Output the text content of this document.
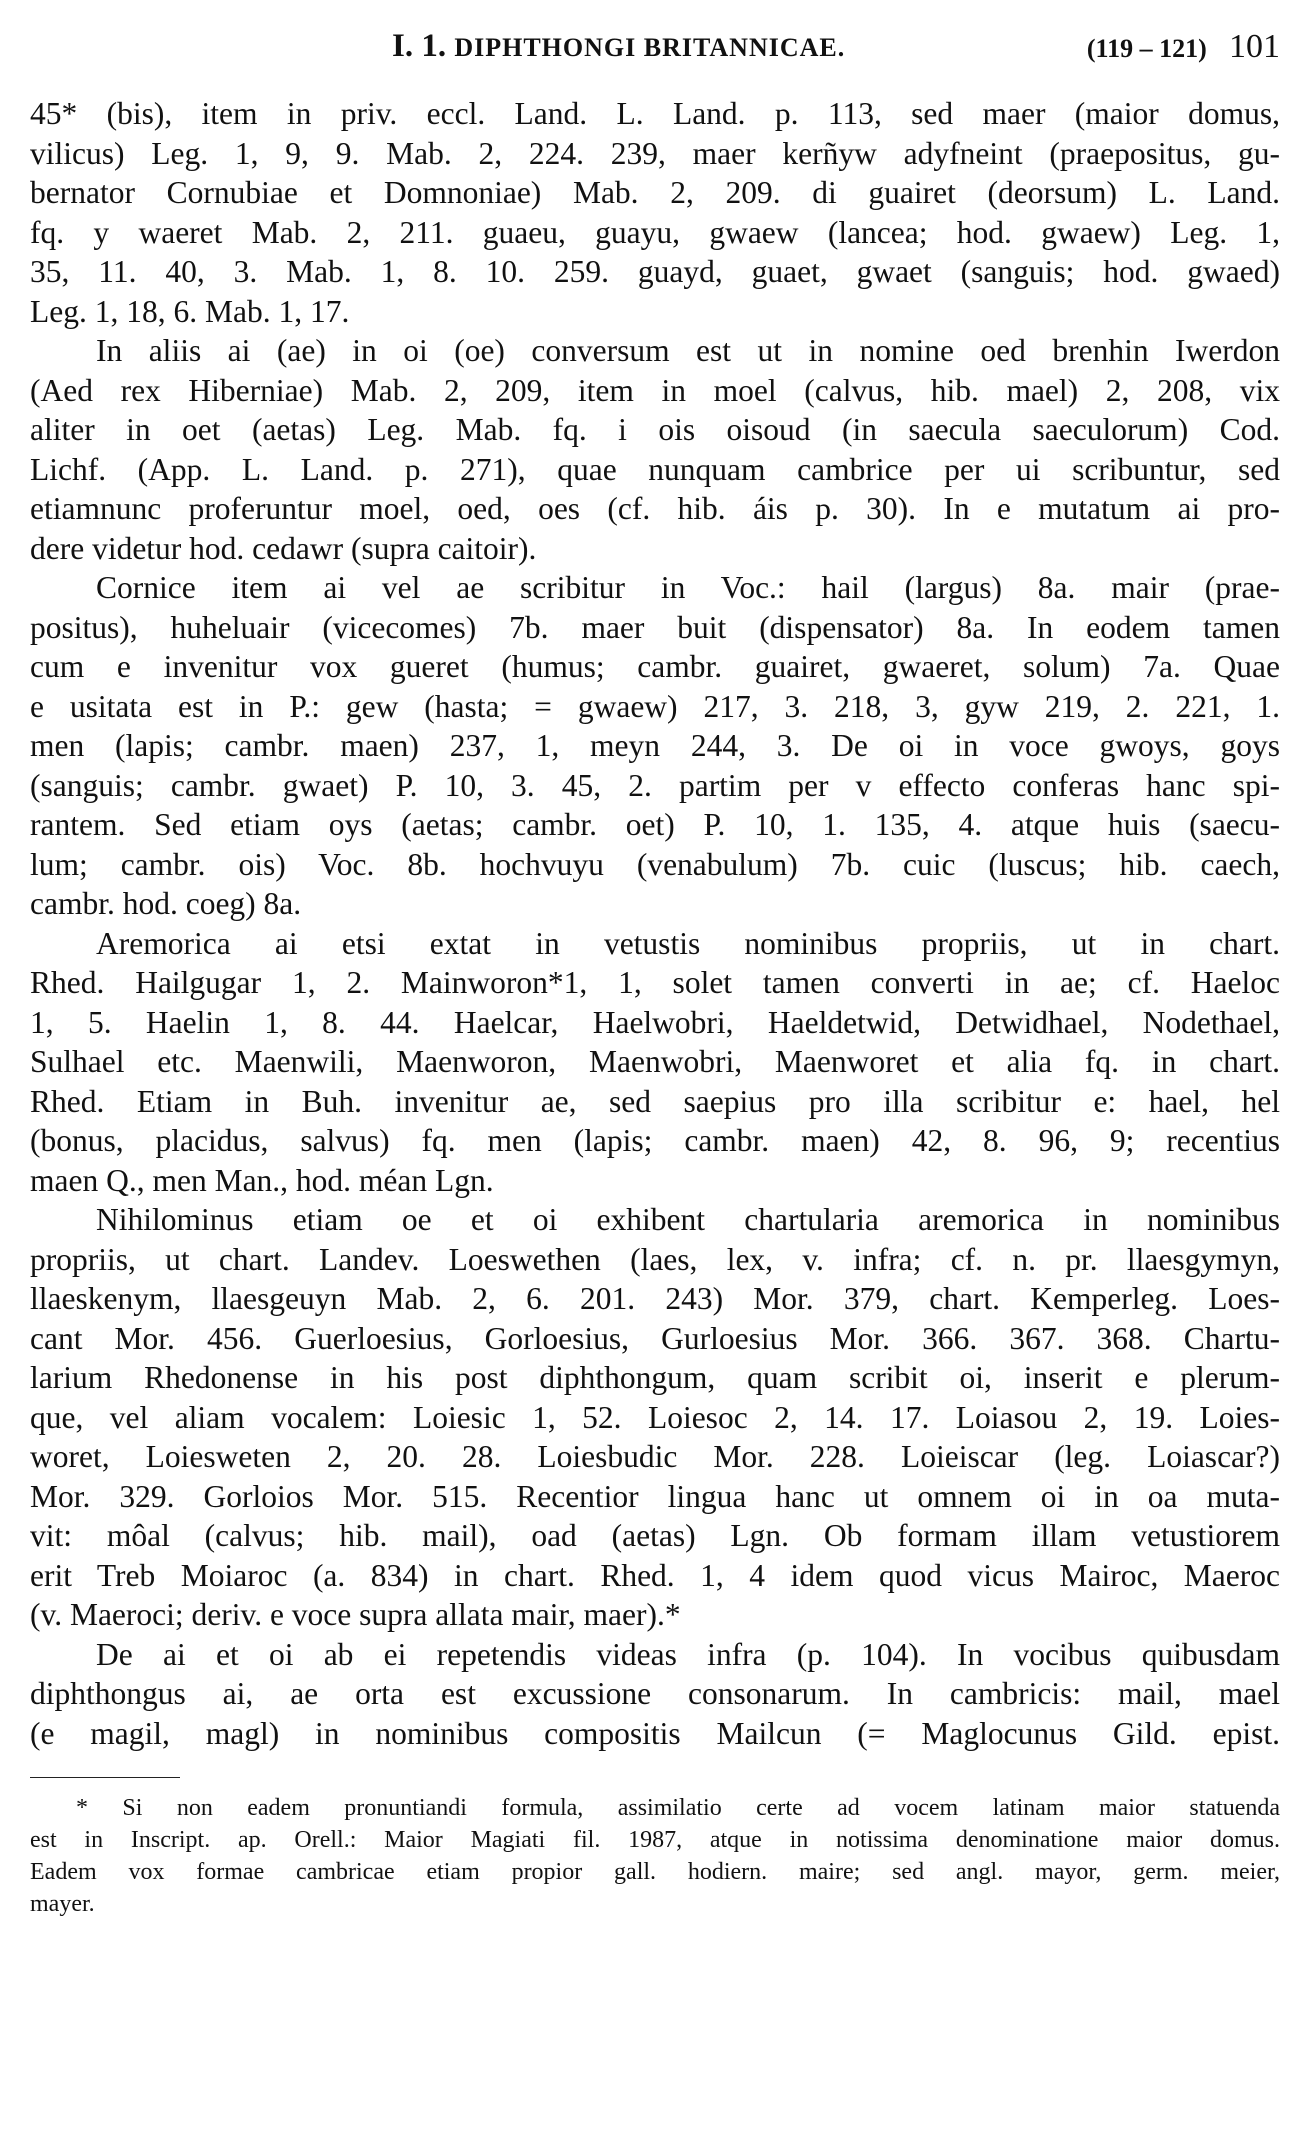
I. 1. DIPHTHONGI BRITANNICAE.	(119 – 121) 101
45* (bis), item in priv. eccl. Land. L. Land. p. 113, sed maer (maior domus,
vilicus) Leg. 1, 9, 9. Mab. 2, 224. 239, maer kerñyw adyfneint (praepositus, gu-
bernator Cornubiae et Domnoniae) Mab. 2, 209. di guairet (deorsum) L. Land.
fq. y waeret Mab. 2, 211. guaeu, guayu, gwaew (lancea; hod. gwaew) Leg. 1,
35, 11. 40, 3. Mab. 1, 8. 10. 259. guayd, guaet, gwaet (sanguis; hod. gwaed)
Leg. 1, 18, 6. Mab. 1, 17.
In aliis ai (ae) in oi (oe) conversum est ut in nomine oed brenhin Iwerdon
(Aed rex Hiberniae) Mab. 2, 209, item in moel (calvus, hib. mael) 2, 208, vix
aliter in oet (aetas) Leg. Mab. fq. i ois oisoud (in saecula saeculorum) Cod.
Lichf. (App. L. Land. p. 271), quae nunquam cambrice per ui scribuntur, sed
etiamnunc proferuntur moel, oed, oes (cf. hib. áis p. 30). In e mutatum ai pro-
dere videtur hod. cedawr (supra caitoir).
Cornice item ai vel ae scribitur in Voc.: hail (largus) 8a. mair (prae-
positus), huheluair (vicecomes) 7b. maer buit (dispensator) 8a. In eodem tamen
cum e invenitur vox gueret (humus; cambr. guairet, gwaeret, solum) 7a. Quae
e usitata est in P.: gew (hasta; = gwaew) 217, 3. 218, 3, gyw 219, 2. 221, 1.
men (lapis; cambr. maen) 237, 1, meyn 244, 3. De oi in voce gwoys, goys
(sanguis; cambr. gwaet) P. 10, 3. 45, 2. partim per v effecto conferas hanc spi-
rantem. Sed etiam oys (aetas; cambr. oet) P. 10, 1. 135, 4. atque huis (saecu-
lum; cambr. ois) Voc. 8b. hochvuyu (venabulum) 7b. cuic (luscus; hib. caech,
cambr. hod. coeg) 8a.
Aremorica ai etsi extat in vetustis nominibus propriis, ut in chart.
Rhed. Hailgugar 1, 2. Mainworon*1, 1, solet tamen converti in ae; cf. Haeloc
1, 5. Haelin 1, 8. 44. Haelcar, Haelwobri, Haeldetwid, Detwidhael, Nodethael,
Sulhael etc. Maenwili, Maenworon, Maenwobri, Maenworet et alia fq. in chart.
Rhed. Etiam in Buh. invenitur ae, sed saepius pro illa scribitur e: hael, hel
(bonus, placidus, salvus) fq. men (lapis; cambr. maen) 42, 8. 96, 9; recentius
maen Q., men Man., hod. méan Lgn.
Nihilominus etiam oe et oi exhibent chartularia aremorica in nominibus
propriis, ut chart. Landev. Loeswethen (laes, lex, v. infra; cf. n. pr. llaesgymyn,
llaeskenym, llaesgeuyn Mab. 2, 6. 201. 243) Mor. 379, chart. Kemperleg. Loes-
cant Mor. 456. Guerloesius, Gorloesius, Gurloesius Mor. 366. 367. 368. Chartu-
larium Rhedonense in his post diphthongum, quam scribit oi, inserit e plerum-
que, vel aliam vocalem: Loiesic 1, 52. Loiesoc 2, 14. 17. Loiasou 2, 19. Loies-
woret, Loiesweten 2, 20. 28. Loiesbudic Mor. 228. Loieiscar (leg. Loiascar?)
Mor. 329. Gorloios Mor. 515. Recentior lingua hanc ut omnem oi in oa muta-
vit: môal (calvus; hib. mail), oad (aetas) Lgn. Ob formam illam vetustiorem
erit Treb Moiaroc (a. 834) in chart. Rhed. 1, 4 idem quod vicus Mairoc, Maeroc
(v. Maeroci; deriv. e voce supra allata mair, maer).*
De ai et oi ab ei repetendis videas infra (p. 104). In vocibus quibusdam
diphthongus ai, ae orta est excussione consonarum. In cambricis: mail, mael
(e magil, magl) in nominibus compositis Mailcun (= Maglocunus Gild. epist.
* Si non eadem pronuntiandi formula, assimilatio certe ad vocem latinam maior statuenda
est in Inscript. ap. Orell.: Maior Magiati fil. 1987, atque in notissima denominatione maior domus.
Eadem vox formae cambricae etiam propior gall. hodiern. maire; sed angl. mayor, germ. meier,
mayer.
